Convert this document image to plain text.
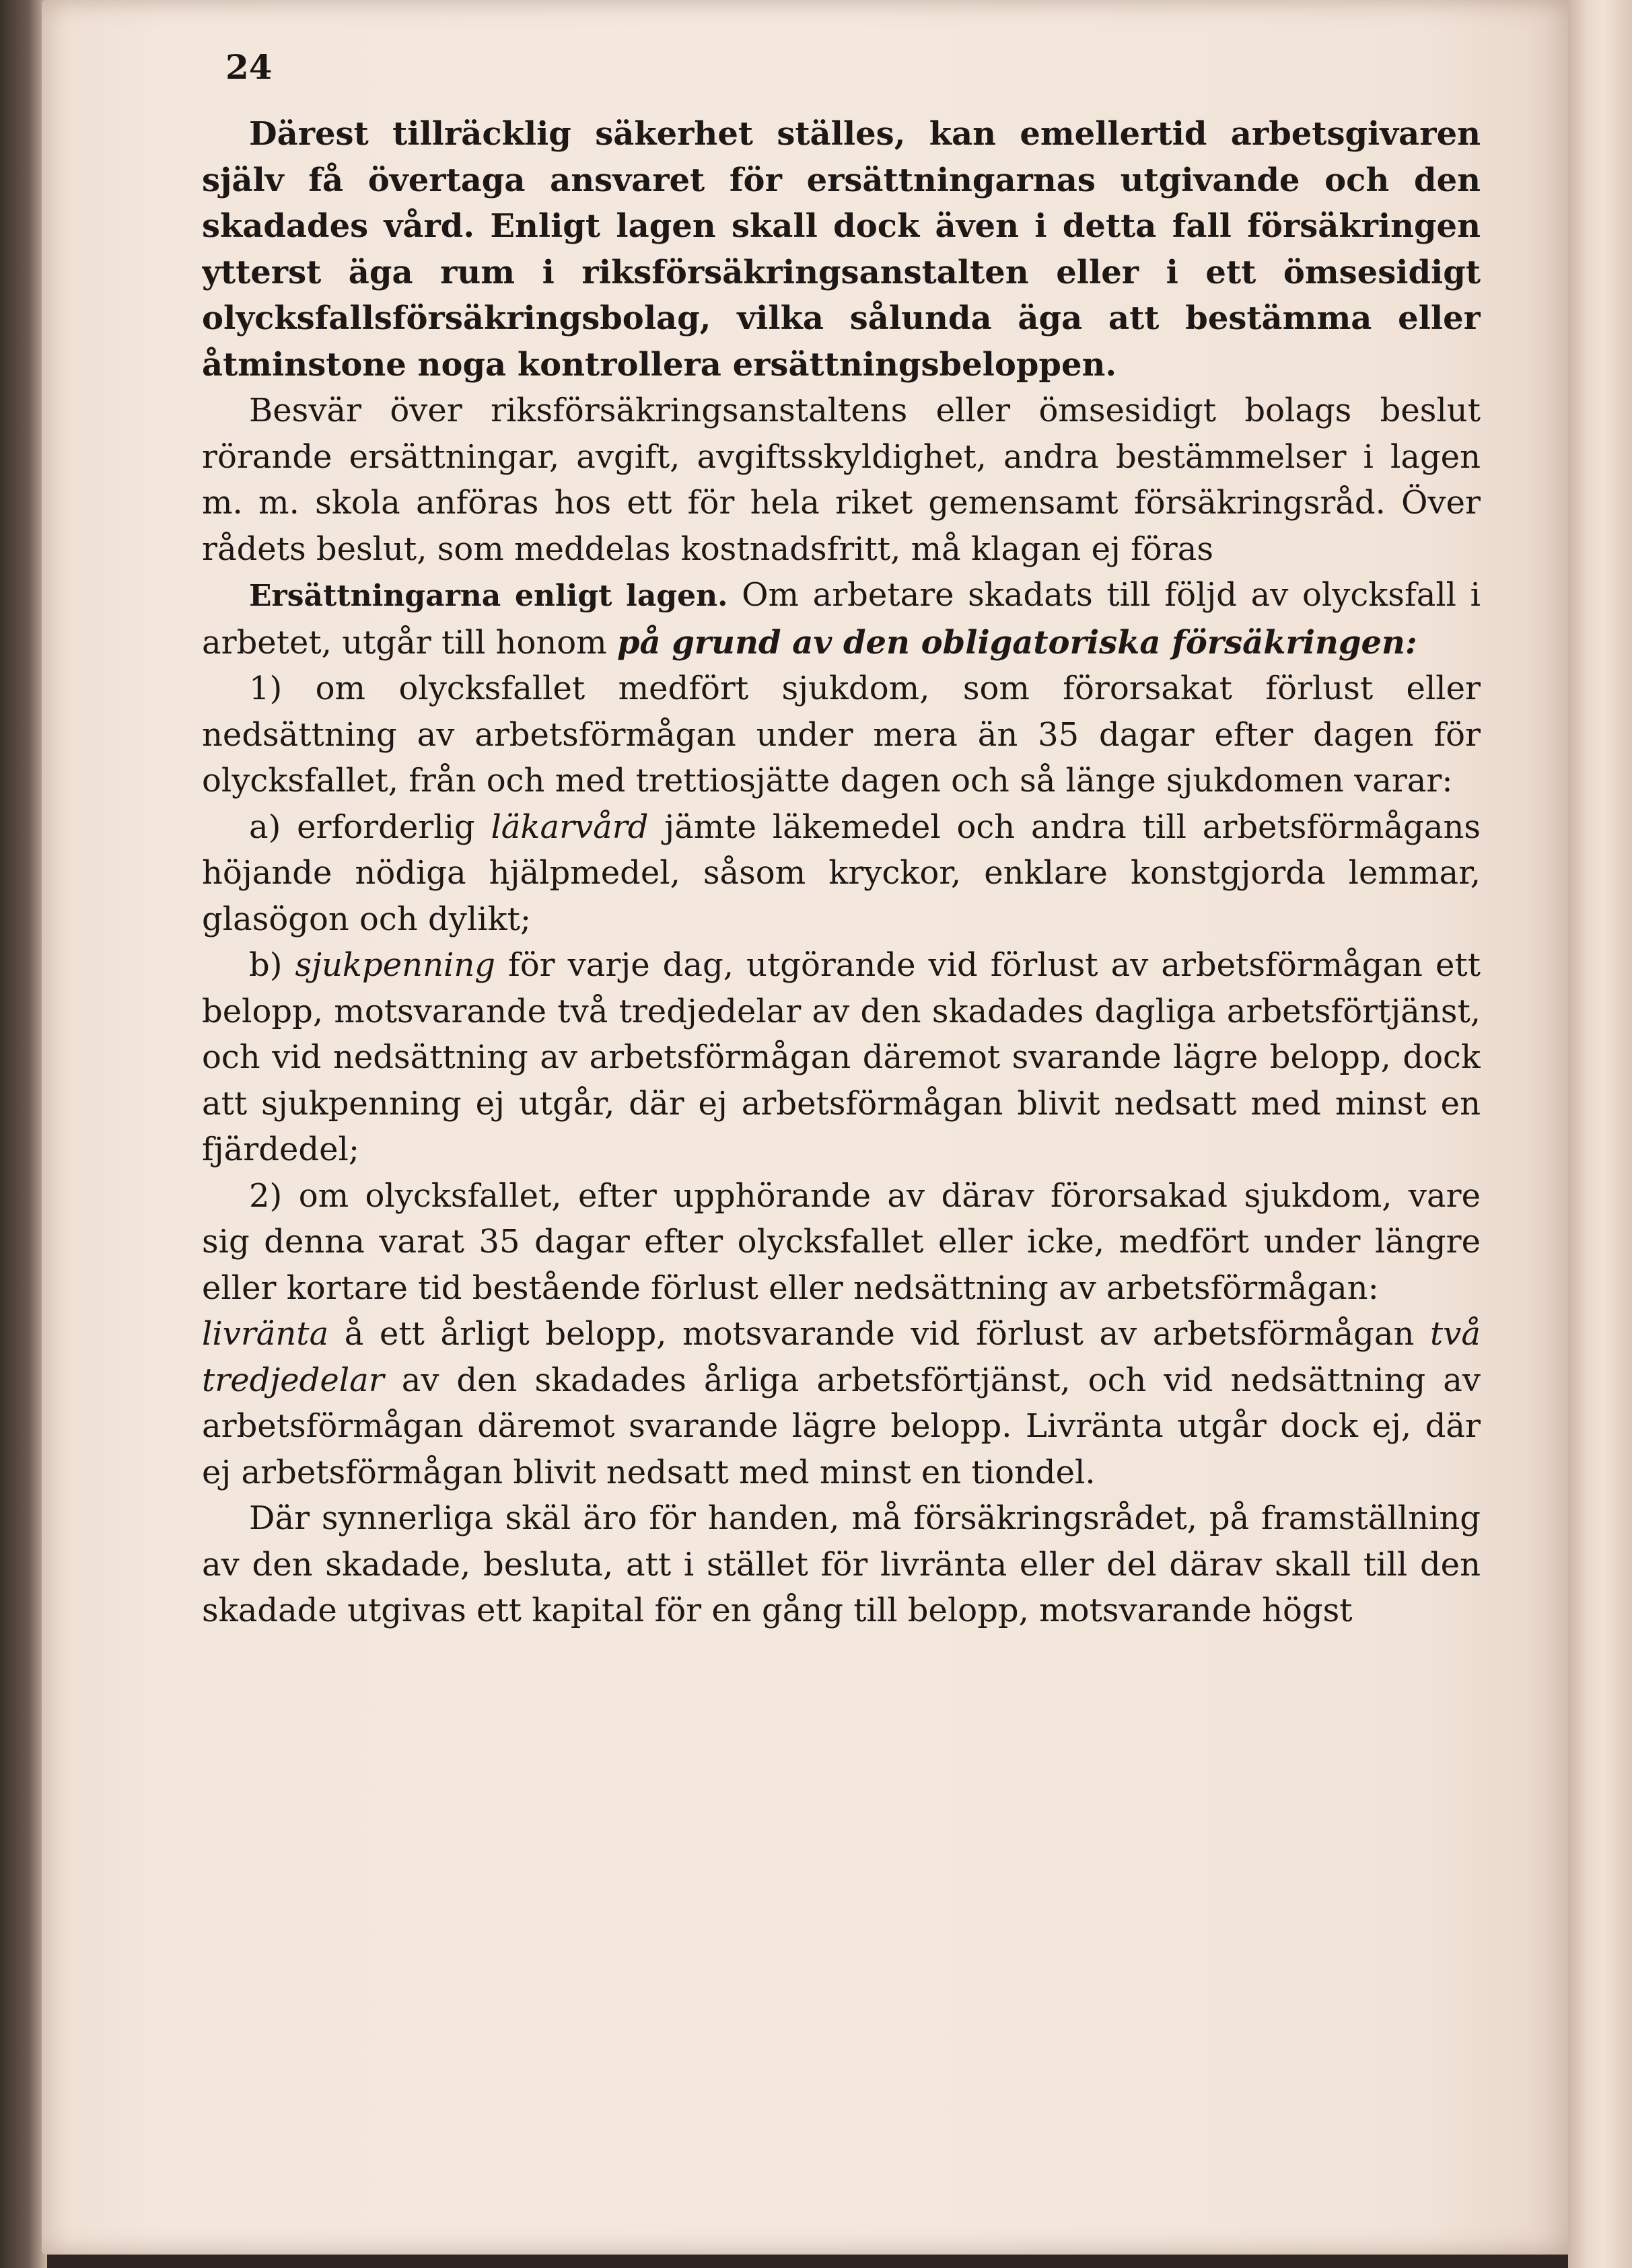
24

Därest tillräcklig säkerhet ställes, kan emellertid arbetsgivaren själv få övertaga ansvaret för ersättningarnas utgivande och den skadades vård. Enligt lagen skall dock även i detta fall försäkringen ytterst äga rum i riksförsäkringsanstalten eller i ett ömsesidigt olycksfallsförsäkringsbolag, vilka sålunda äga att bestämma eller åtminstone noga kontrollera ersättningsbeloppen.

Besvär över riksförsäkringsanstaltens eller ömsesidigt bolags beslut rörande ersättningar, avgift, avgiftsskyldighet, andra bestämmelser i lagen m. m. skola anföras hos ett för hela riket gemensamt försäkringsråd. Över rådets beslut, som meddelas kostnadsfritt, må klagan ej föras

Ersättningarna enligt lagen. Om arbetare skadats till följd av olycksfall i arbetet, utgår till honom på grund av den obligatoriska försäkringen:

1) om olycksfallet medfört sjukdom, som förorsakat förlust eller nedsättning av arbetsförmågan under mera än 35 dagar efter dagen för olycksfallet, från och med trettiosjätte dagen och så länge sjukdomen varar:

a) erforderlig läkarvård jämte läkemedel och andra till arbetsförmågans höjande nödiga hjälpmedel, såsom kryckor, enklare konstgjorda lemmar, glasögon och dylikt;

b) sjukpenning för varje dag, utgörande vid förlust av arbetsförmågan ett belopp, motsvarande två tredjedelar av den skadades dagliga arbetsförtjänst, och vid nedsättning av arbetsförmågan däremot svarande lägre belopp, dock att sjukpenning ej utgår, där ej arbetsförmågan blivit nedsatt med minst en fjärdedel;

2) om olycksfallet, efter upphörande av därav förorsakad sjukdom, vare sig denna varat 35 dagar efter olycksfallet eller icke, medfört under längre eller kortare tid bestående förlust eller nedsättning av arbetsförmågan:

livränta å ett årligt belopp, motsvarande vid förlust av arbetsförmågan två tredjedelar av den skadades årliga arbetsförtjänst, och vid nedsättning av arbetsförmågan däremot svarande lägre belopp. Livränta utgår dock ej, där ej arbetsförmågan blivit nedsatt med minst en tiondel.

Där synnerliga skäl äro för handen, må försäkringsrådet, på framställning av den skadade, besluta, att i stället för livränta eller del därav skall till den skadade utgivas ett kapital för en gång till belopp, motsvarande högst
